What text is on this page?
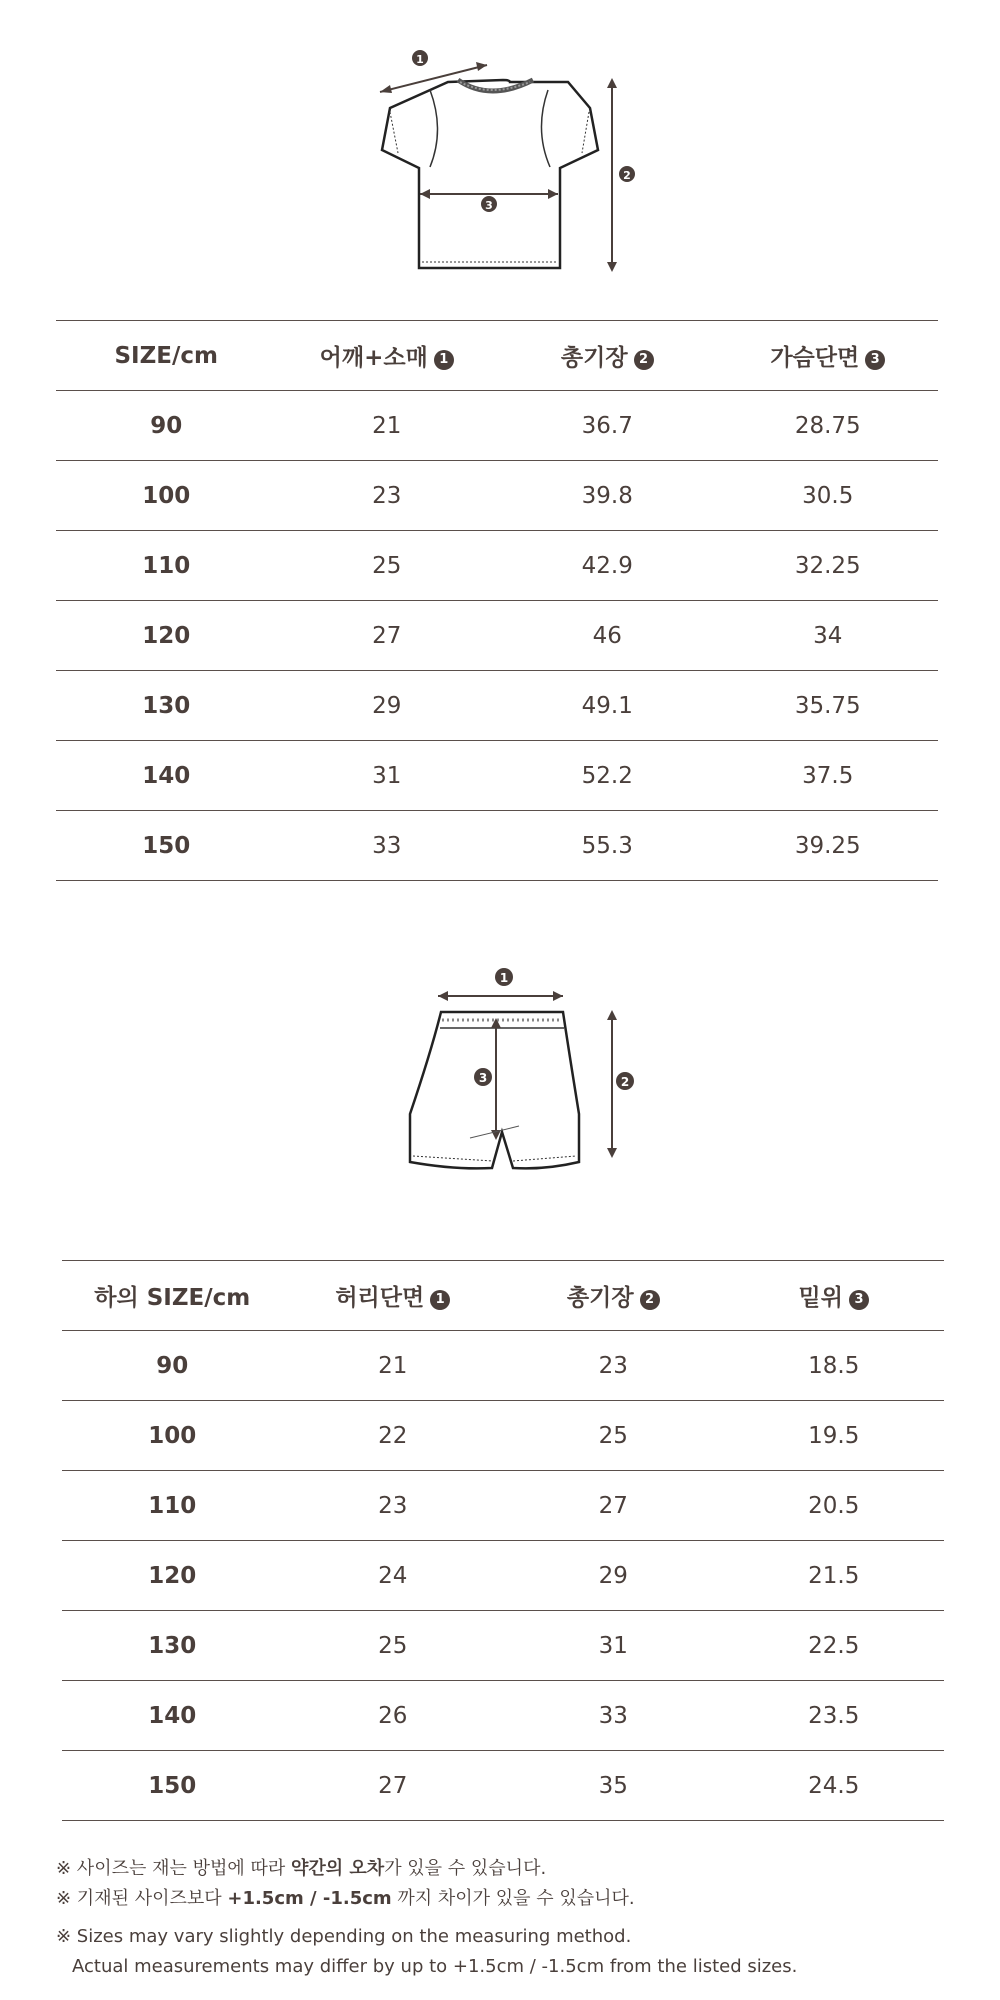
1
3
2
SIZE/cm	어깨+소매 1	총기장 2	가슴단면 3
90	21	36.7	28.75
100	23	39.8	30.5
110	25	42.9	32.25
120	27	46	34
130	29	49.1	35.75
140	31	52.2	37.5
150	33	55.3	39.25
1
3	2
하의 SIZE/cm	허리단면 1	총기장 2	밑위 3
90	21	23	18.5
100	22	25	19.5
110	23	27	20.5
120	24	29	21.5
130	25	31	22.5
140	26	33	23.5
150	27	35	24.5
※ 사이즈는 재는 방법에 따라 약간의 오차가 있을 수 있습니다.
※ 기재된 사이즈보다 +1.5cm / -1.5cm 까지 차이가 있을 수 있습니다.
※ Sizes may vary slightly depending on the measuring method.
Actual measurements may differ by up to +1.5cm / -1.5cm from the listed sizes.
